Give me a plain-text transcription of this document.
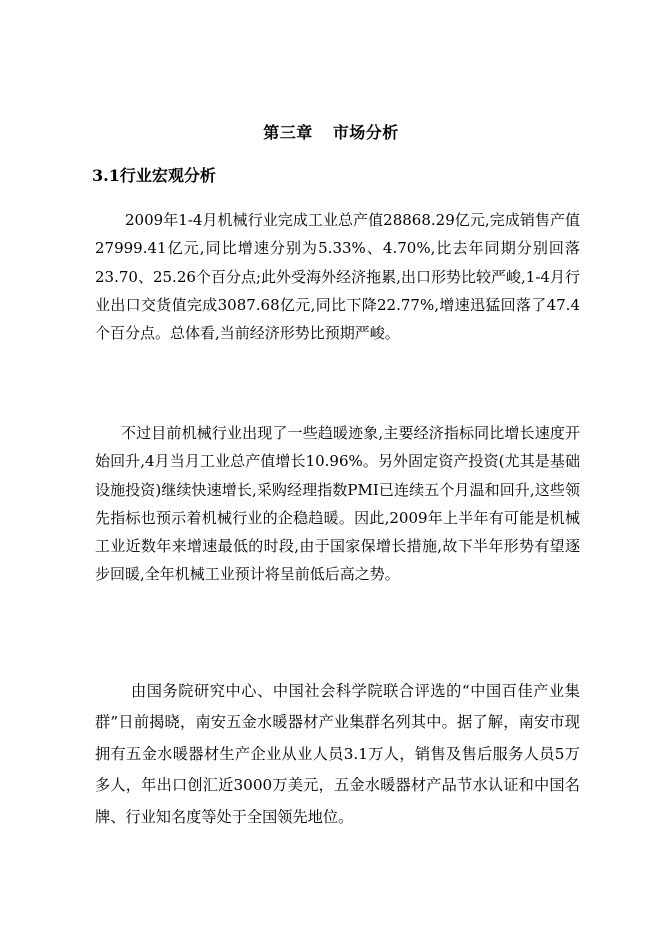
第三章 市场分析
3.1行业宏观分析

2009年1-4月机械行业完成工业总产值28868.29亿元,完成销售产值27999.41亿元,同比增速分别为5.33%、4.70%,比去年同期分别回落23.70、25.26个百分点;此外受海外经济拖累,出口形势比较严峻,1-4月行业出口交货值完成3087.68亿元,同比下降22.77%,增速迅猛回落了47.4个百分点。总体看,当前经济形势比预期严峻。

不过目前机械行业出现了一些趋暖迹象,主要经济指标同比增长速度开始回升,4月当月工业总产值增长10.96%。另外固定资产投资(尤其是基础设施投资)继续快速增长,采购经理指数PMI已连续五个月温和回升,这些领先指标也预示着机械行业的企稳趋暖。因此,2009年上半年有可能是机械工业近数年来增速最低的时段,由于国家保增长措施,故下半年形势有望逐步回暖,全年机械工业预计将呈前低后高之势。

由国务院研究中心、中国社会科学院联合评选的“中国百佳产业集群”日前揭晓，南安五金水暖器材产业集群名列其中。据了解，南安市现拥有五金水暖器材生产企业从业人员3.1万人，销售及售后服务人员5万多人，年出口创汇近3000万美元，五金水暖器材产品节水认证和中国名牌、行业知名度等处于全国领先地位。
